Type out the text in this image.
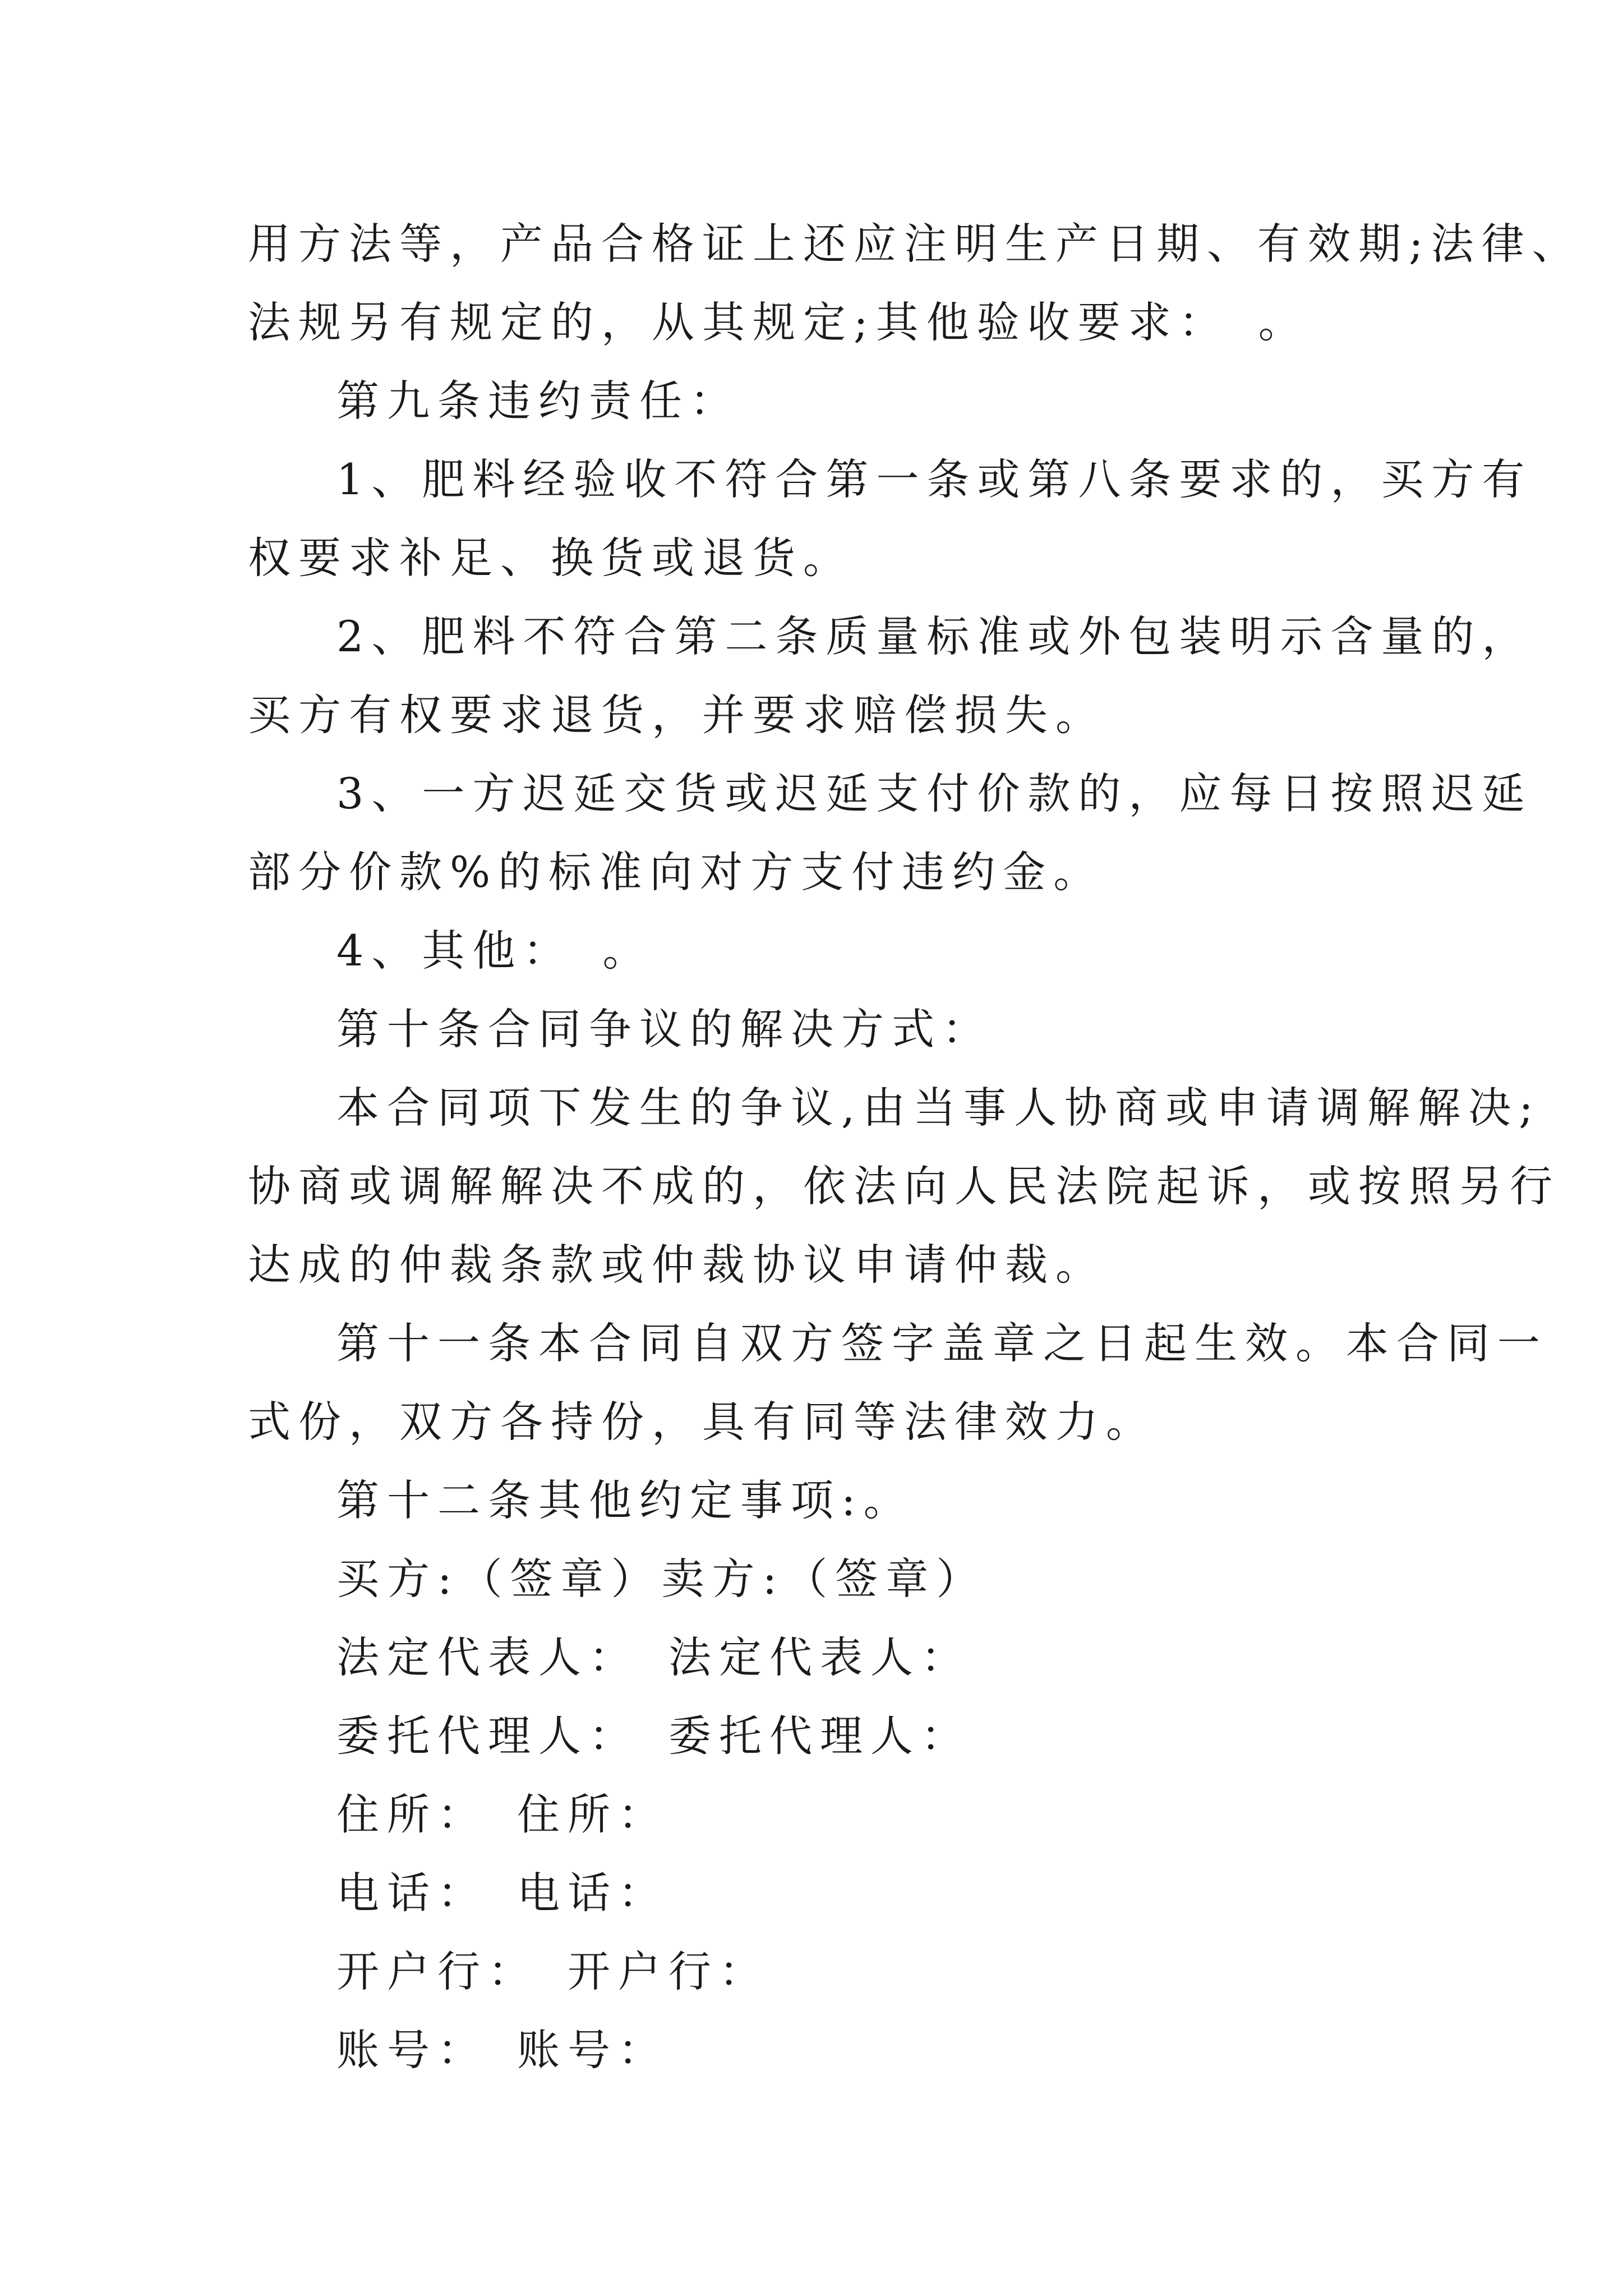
用方法等，产品合格证上还应注明生产日期、有效期;法律、
法规另有规定的，从其规定;其他验收要求：　。
第九条违约责任：
1、肥料经验收不符合第一条或第八条要求的，买方有
权要求补足、换货或退货。
2、肥料不符合第二条质量标准或外包装明示含量的，
买方有权要求退货，并要求赔偿损失。
3、一方迟延交货或迟延支付价款的，应每日按照迟延
部分价款%的标准向对方支付违约金。
4、其他：　。
第十条合同争议的解决方式：
本合同项下发生的争议,由当事人协商或申请调解解决;
协商或调解解决不成的，依法向人民法院起诉，或按照另行
达成的仲裁条款或仲裁协议申请仲裁。
第十一条本合同自双方签字盖章之日起生效。本合同一
式份，双方各持份，具有同等法律效力。
第十二条其他约定事项:。
买方:（签章）卖方:（签章）
法定代表人：　法定代表人：
委托代理人：　委托代理人：
住所：　住所：
电话：　电话：
开户行：　开户行：
账号：　账号：
